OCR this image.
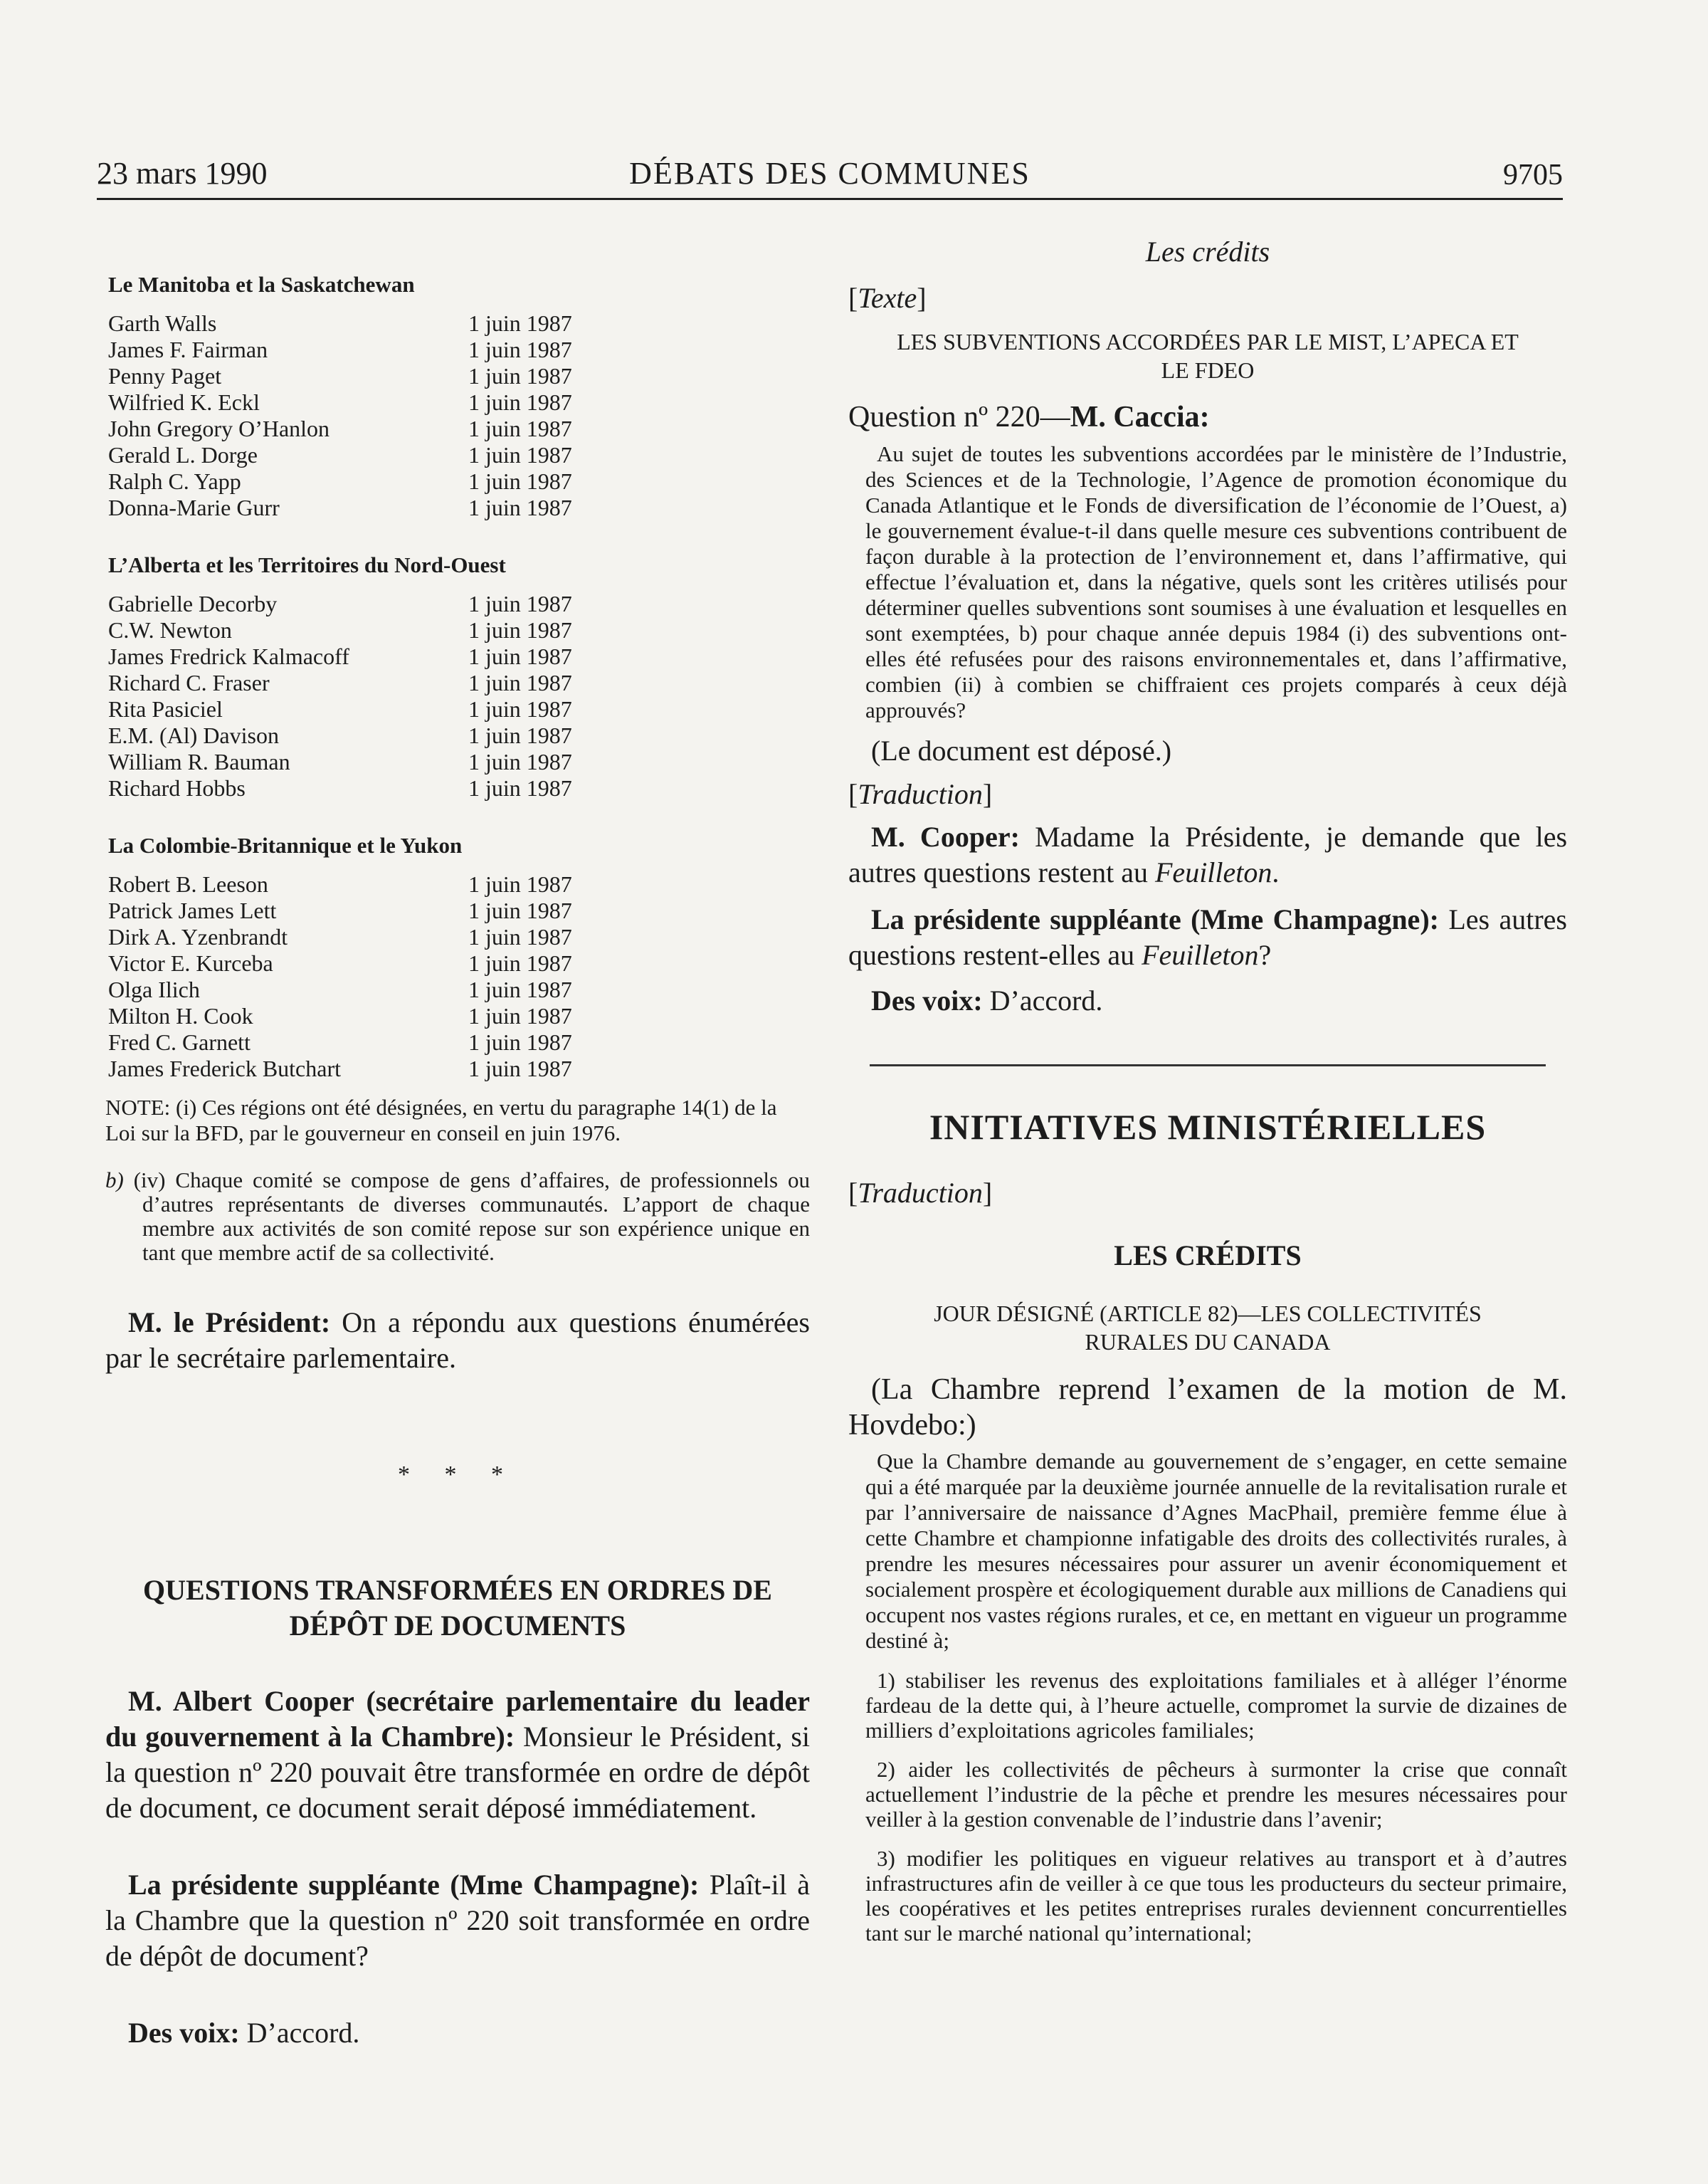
23 mars 1990	DÉBATS DES COMMUNES	9705
Le Manitoba et la Saskatchewan
Garth Walls	1 juin 1987
James F. Fairman	1 juin 1987
Penny Paget	1 juin 1987
Wilfried K. Eckl	1 juin 1987
John Gregory O’Hanlon	1 juin 1987
Gerald L. Dorge	1 juin 1987
Ralph C. Yapp	1 juin 1987
Donna-Marie Gurr	1 juin 1987
L’Alberta et les Territoires du Nord-Ouest
Gabrielle Decorby	1 juin 1987
C.W. Newton	1 juin 1987
James Fredrick Kalmacoff	1 juin 1987
Richard C. Fraser	1 juin 1987
Rita Pasiciel	1 juin 1987
E.M. (Al) Davison	1 juin 1987
William R. Bauman	1 juin 1987
Richard Hobbs	1 juin 1987
La Colombie-Britannique et le Yukon
Robert B. Leeson	1 juin 1987
Patrick James Lett	1 juin 1987
Dirk A. Yzenbrandt	1 juin 1987
Victor E. Kurceba	1 juin 1987
Olga Ilich	1 juin 1987
Milton H. Cook	1 juin 1987
Fred C. Garnett	1 juin 1987
James Frederick Butchart	1 juin 1987

NOTE: (i) Ces régions ont été désignées, en vertu du paragraphe 14(1) de la Loi sur la BFD, par le gouverneur en conseil en juin 1976.

b) (iv) Chaque comité se compose de gens d’affaires, de professionnels ou d’autres représentants de diverses communautés. L’apport de chaque membre aux activités de son comité repose sur son expérience unique en tant que membre actif de sa collectivité.

M. le Président: On a répondu aux questions énumérées par le secrétaire parlementaire.

* * *

QUESTIONS TRANSFORMÉES EN ORDRES DE

DÉPÔT DE DOCUMENTS

M. Albert Cooper (secrétaire parlementaire du leader du gouvernement à la Chambre): Monsieur le Président, si la question nº 220 pouvait être transformée en ordre de dépôt de document, ce document serait déposé immédiatement.

La présidente suppléante (Mme Champagne): Plaît-il à la Chambre que la question nº 220 soit transformée en ordre de dépôt de document?

Des voix: D’accord.

Les crédits

[Texte]

LES SUBVENTIONS ACCORDÉES PAR LE MIST, L’APECA ET

LE FDEO

Question nº 220—M. Caccia:

Au sujet de toutes les subventions accordées par le ministère de l’Industrie, des Sciences et de la Technologie, l’Agence de promotion économique du Canada Atlantique et le Fonds de diversification de l’économie de l’Ouest, a) le gouvernement évalue-t-il dans quelle mesure ces subventions contribuent de façon durable à la protection de l’environnement et, dans l’affirmative, qui effectue l’évaluation et, dans la négative, quels sont les critères utilisés pour déterminer quelles subventions sont soumises à une évaluation et lesquelles en sont exemptées, b) pour chaque année depuis 1984 (i) des subventions ont-elles été refusées pour des raisons environnementales et, dans l’affirmative, combien (ii) à combien se chiffraient ces projets comparés à ceux déjà approuvés?

(Le document est déposé.)

[Traduction]

M. Cooper: Madame la Présidente, je demande que les autres questions restent au Feuilleton.

La présidente suppléante (Mme Champagne): Les autres questions restent-elles au Feuilleton?

Des voix: D’accord.

INITIATIVES MINISTÉRIELLES

[Traduction]

LES CRÉDITS

JOUR DÉSIGNÉ (ARTICLE 82)—LES COLLECTIVITÉS

RURALES DU CANADA

(La Chambre reprend l’examen de la motion de M. Hovdebo:)

Que la Chambre demande au gouvernement de s’engager, en cette semaine qui a été marquée par la deuxième journée annuelle de la revitalisation rurale et par l’anniversaire de naissance d’Agnes MacPhail, première femme élue à cette Chambre et championne infatigable des droits des collectivités rurales, à prendre les mesures nécessaires pour assurer un avenir économiquement et socialement prospère et écologiquement durable aux millions de Canadiens qui occupent nos vastes régions rurales, et ce, en mettant en vigueur un programme destiné à;

1) stabiliser les revenus des exploitations familiales et à alléger l’énorme fardeau de la dette qui, à l’heure actuelle, compromet la survie de dizaines de milliers d’exploitations agricoles familiales;

2) aider les collectivités de pêcheurs à surmonter la crise que connaît actuellement l’industrie de la pêche et prendre les mesures nécessaires pour veiller à la gestion convenable de l’industrie dans l’avenir;

3) modifier les politiques en vigueur relatives au transport et à d’autres infrastructures afin de veiller à ce que tous les producteurs du secteur primaire, les coopératives et les petites entreprises rurales deviennent concurrentielles tant sur le marché national qu’international;
